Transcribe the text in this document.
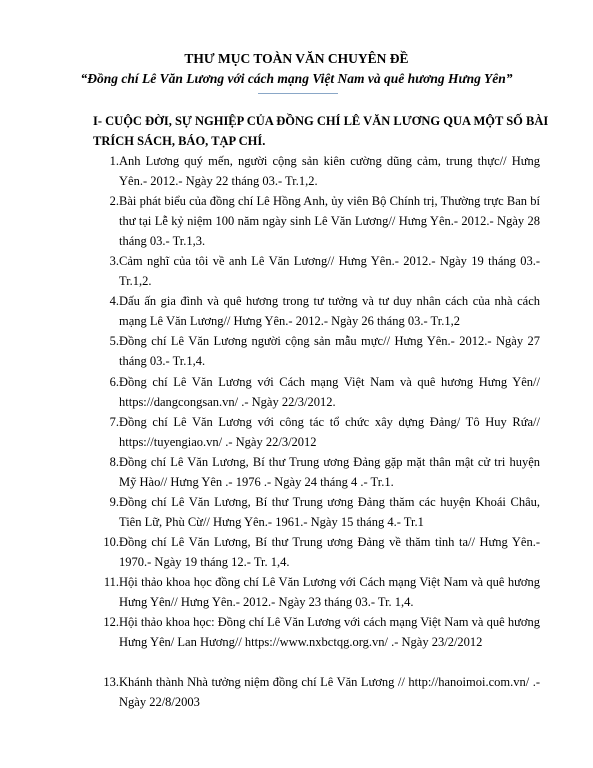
THƯ MỤC TOÀN VĂN CHUYÊN ĐỀ
“Đồng chí Lê Văn Lương với cách mạng Việt Nam và quê hương Hưng Yên”
I- CUỘC ĐỜI, SỰ NGHIỆP CỦA ĐỒNG CHÍ LÊ VĂN LƯƠNG QUA MỘT SỐ BÀI TRÍCH SÁCH, BÁO, TẠP CHÍ.
1. Anh Lương quý mến, người cộng sản kiên cường dũng cảm, trung thực// Hưng Yên.- 2012.- Ngày 22 tháng 03.- Tr.1,2.
2. Bài phát biểu của đồng chí Lê Hồng Anh, ủy viên Bộ Chính trị, Thường trực Ban bí thư tại Lễ kỷ niệm 100 năm ngày sinh Lê Văn Lương// Hưng Yên.- 2012.- Ngày 28 tháng 03.- Tr.1,3.
3. Cảm nghĩ của tôi về anh Lê Văn Lương// Hưng Yên.- 2012.- Ngày 19 tháng 03.- Tr.1,2.
4. Dấu ấn gia đình và quê hương trong tư tưởng và tư duy nhân cách của nhà cách mạng Lê Văn Lương// Hưng Yên.- 2012.- Ngày 26 tháng 03.- Tr.1,2
5. Đồng chí Lê Văn Lương người cộng sản mẫu mực// Hưng Yên.- 2012.- Ngày 27 tháng 03.- Tr.1,4.
6. Đồng chí Lê Văn Lương với Cách mạng Việt Nam và quê hương Hưng Yên// https://dangcongsan.vn/ .- Ngày 22/3/2012.
7. Đồng chí Lê Văn Lương với công tác tổ chức xây dựng Đảng/ Tô Huy Rứa// https://tuyengiao.vn/ .- Ngày 22/3/2012
8. Đồng chí Lê Văn Lương, Bí thư Trung ương Đảng gặp mặt thân mật cử tri huyện Mỹ Hào// Hưng Yên .- 1976 .- Ngày 24 tháng 4 .- Tr.1.
9. Đồng chí Lê Văn Lương, Bí thư Trung ương Đảng thăm các huyện Khoái Châu, Tiên Lữ, Phù Cừ// Hưng Yên.- 1961.- Ngày 15 tháng 4.- Tr.1
10. Đồng chí Lê Văn Lương, Bí thư Trung ương Đảng về thăm tỉnh ta// Hưng Yên.- 1970.- Ngày 19 tháng 12.- Tr. 1,4.
11. Hội thảo khoa học đồng chí Lê Văn Lương với Cách mạng Việt Nam và quê hương Hưng Yên// Hưng Yên.- 2012.- Ngày 23 tháng 03.- Tr. 1,4.
12. Hội thảo khoa học: Đồng chí Lê Văn Lương với cách mạng Việt Nam và quê hương Hưng Yên/ Lan Hương// https://www.nxbctqg.org.vn/ .- Ngày 23/2/2012
13. Khánh thành Nhà tưởng niệm đồng chí Lê Văn Lương // http://hanoimoi.com.vn/ .- Ngày 22/8/2003
